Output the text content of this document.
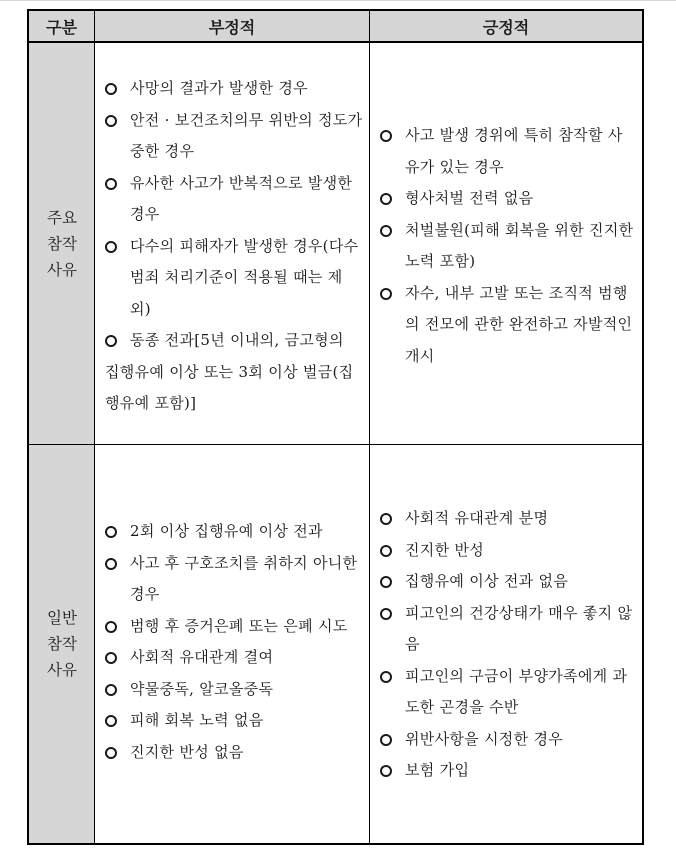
구분	부정적	긍정적
주요
참작
사유
일반
참작
사유
사망의 결과가 발생한 경우
안전 · 보건조치의무 위반의 정도가 중한 경우
유사한 사고가 반복적으로 발생한 경우
다수의 피해자가 발생한 경우(다수범죄 처리기준이 적용될 때는 제외)
동종 전과[5년 이내의, 금고형의 집행유예 이상 또는 3회 이상 벌금(집행유예 포함)]
사고 발생 경위에 특히 참작할 사유가 있는 경우
형사처벌 전력 없음
처벌불원(피해 회복을 위한 진지한 노력 포함)
자수, 내부 고발 또는 조직적 범행의 전모에 관한 완전하고 자발적인 개시
2회 이상 집행유예 이상 전과
사고 후 구호조치를 취하지 아니한 경우
범행 후 증거은폐 또는 은폐 시도
사회적 유대관계 결여
약물중독, 알코올중독
피해 회복 노력 없음
진지한 반성 없음
사회적 유대관계 분명
진지한 반성
집행유예 이상 전과 없음
피고인의 건강상태가 매우 좋지 않음
피고인의 구금이 부양가족에게 과도한 곤경을 수반
위반사항을 시정한 경우
보험 가입
